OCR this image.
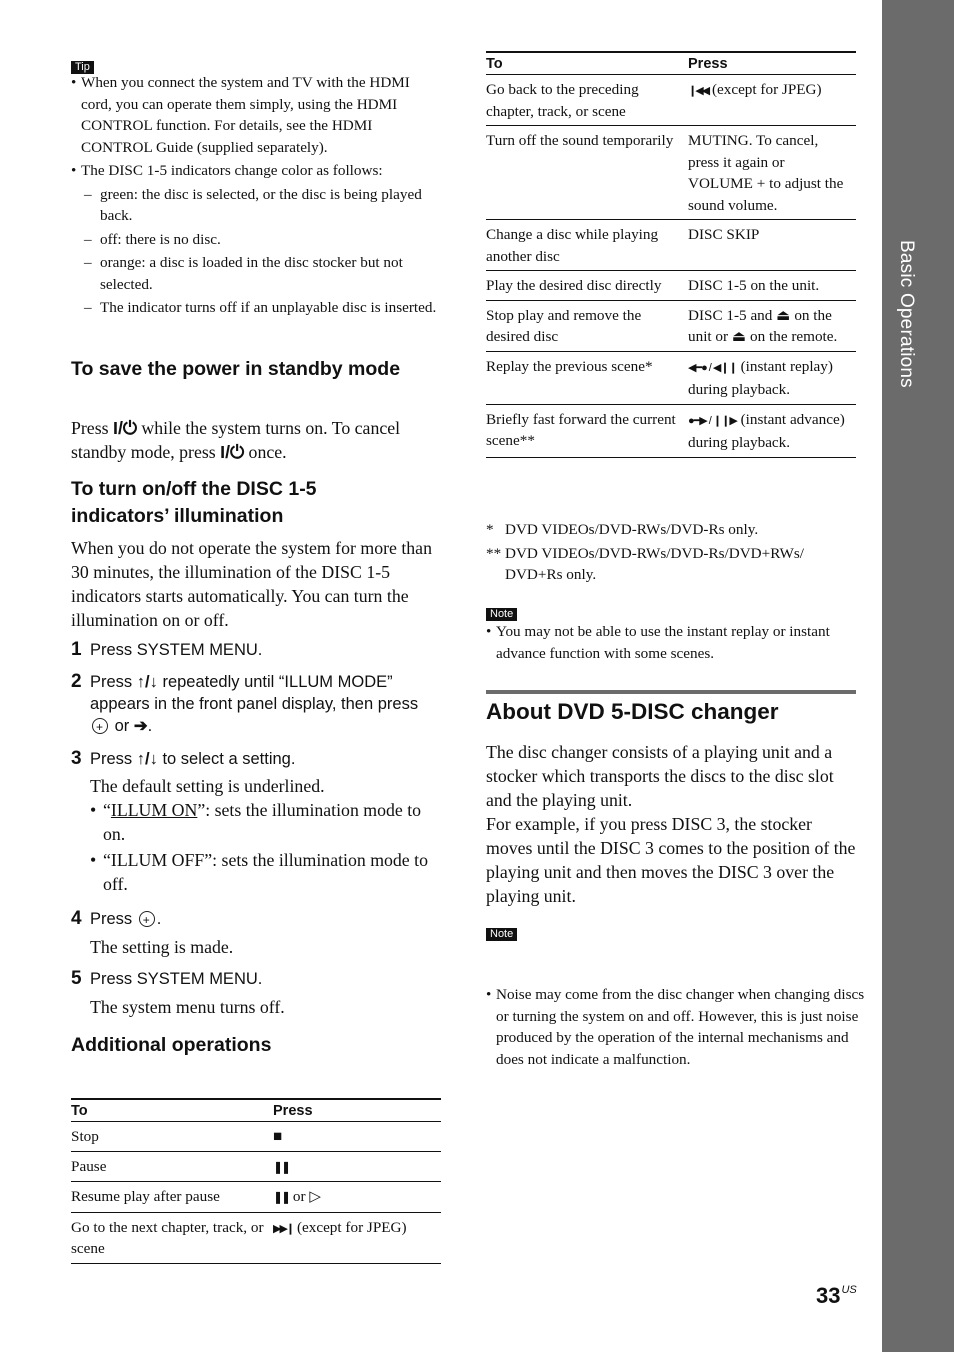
Basic Operations
Tip
• When you connect the system and TV with the HDMI cord, you can operate them simply, using the HDMI CONTROL function. For details, see the HDMI CONTROL Guide (supplied separately).
• The DISC 1-5 indicators change color as follows:
– green: the disc is selected, or the disc is being played back.
– off: there is no disc.
– orange: a disc is loaded in the disc stocker but not selected.
– The indicator turns off if an unplayable disc is inserted.
To save the power in standby mode
Press I/⏻ while the system turns on. To cancel standby mode, press I/⏻ once.
To turn on/off the DISC 1-5 indicators’ illumination
When you do not operate the system for more than 30 minutes, the illumination of the DISC 1-5 indicators starts automatically. You can turn the illumination on or off.
1 Press SYSTEM MENU.
2 Press ↑/↓ repeatedly until “ILLUM MODE” appears in the front panel display, then press + or ➔.
3 Press ↑/↓ to select a setting.
The default setting is underlined.
• “ILLUM ON”: sets the illumination mode to on.
• “ILLUM OFF”: sets the illumination mode to off.
4 Press +.
The setting is made.
5 Press SYSTEM MENU.
The system menu turns off.
Additional operations
To	Press
Stop	■
Pause	❚❚
Resume play after pause	❚❚ or ▷
Go to the next chapter, track, or scene	▶▶❙ (except for JPEG)
To	Press
Go back to the preceding chapter, track, or scene	❙◀◀ (except for JPEG)
Turn off the sound temporarily	MUTING. To cancel, press it again or VOLUME + to adjust the sound volume.
Change a disc while playing another disc	DISC SKIP
Play the desired disc directly	DISC 1-5 on the unit.
Stop play and remove the desired disc	DISC 1-5 and ⏏ on the unit or ⏏ on the remote.
Replay the previous scene*	◀━● / ◀❙❙ (instant replay) during playback.
Briefly fast forward the current scene**	●━▶ / ❙❙▶ (instant advance) during playback.
* DVD VIDEOs/DVD-RWs/DVD-Rs only.
** DVD VIDEOs/DVD-RWs/DVD-Rs/DVD+RWs/ DVD+Rs only.
Note
• You may not be able to use the instant replay or instant advance function with some scenes.
About DVD 5-DISC changer
The disc changer consists of a playing unit and a stocker which transports the discs to the disc slot and the playing unit.
For example, if you press DISC 3, the stocker moves until the DISC 3 comes to the position of the playing unit and then moves the DISC 3 over the playing unit.
Note
• Noise may come from the disc changer when changing discs or turning the system on and off. However, this is just noise produced by the operation of the internal mechanisms and does not indicate a malfunction.
$33^{US}$
